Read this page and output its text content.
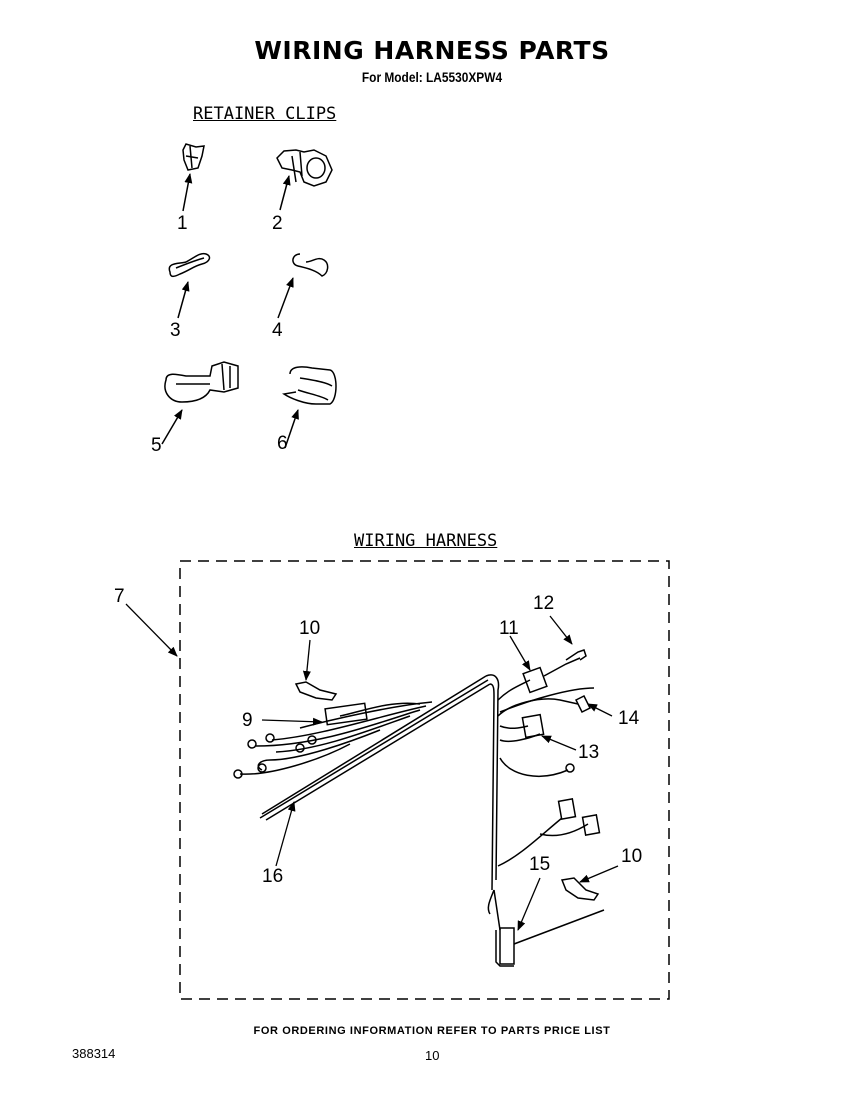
WIRING HARNESS PARTS
For Model: LA5530XPW4
RETAINER CLIPS
WIRING HARNESS
1	2
3	4
5	6
7
9
10	11
12
13
14
15	10
16
FOR ORDERING INFORMATION REFER TO PARTS PRICE LIST
388314	10
